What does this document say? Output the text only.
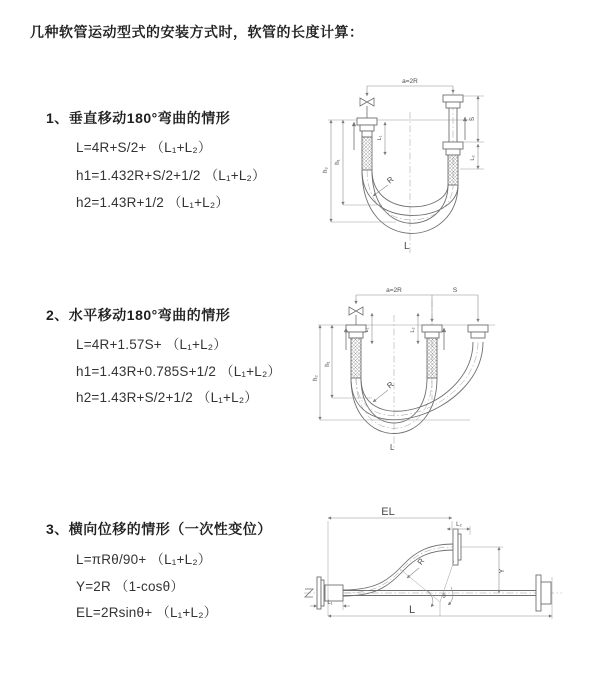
几种软管运动型式的安装方式时，软管的长度计算：
1、垂直移动180°弯曲的情形
L=4R+S/2+ （L₁+L₂）
h1=1.432R+S/2+1/2 （L₁+L₂）
h2=1.43R+1/2 （L₁+L₂）
2、水平移动180°弯曲的情形
L=4R+1.57S+ （L₁+L₂）
h1=1.43R+0.785S+1/2 （L₁+L₂）
h2=1.43R+S/2+1/2 （L₁+L₂）
3、横向位移的情形（一次性变位）
L=πRθ/90+ （L₁+L₂）
Y=2R （1-cosθ）
EL=2Rsinθ+ （L₁+L₂）
a=2R
h₁
h₂
L₁
S
L₂
R
L
a=2R	S
L₁	L₂
h₁
h₂
R
L
EL
L₂
Y
R
θ
L
L₁
